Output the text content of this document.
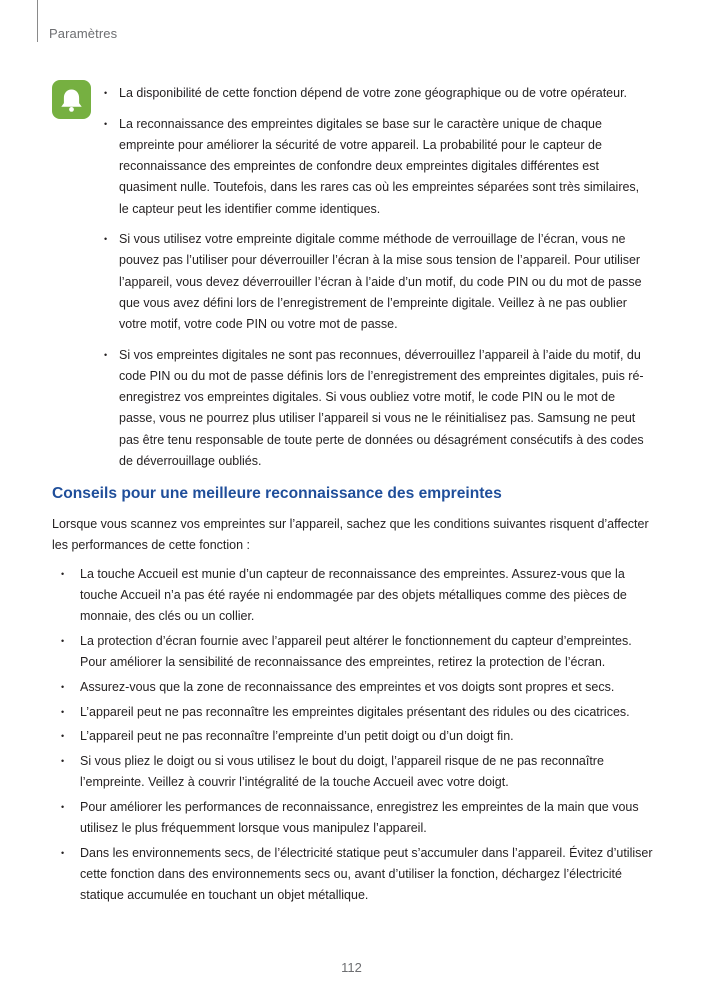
Paramètres
• La disponibilité de cette fonction dépend de votre zone géographique ou de votre opérateur.
• La reconnaissance des empreintes digitales se base sur le caractère unique de chaque empreinte pour améliorer la sécurité de votre appareil. La probabilité pour le capteur de reconnaissance des empreintes de confondre deux empreintes digitales différentes est quasiment nulle. Toutefois, dans les rares cas où les empreintes séparées sont très similaires, le capteur peut les identifier comme identiques.
• Si vous utilisez votre empreinte digitale comme méthode de verrouillage de l’écran, vous ne pouvez pas l’utiliser pour déverrouiller l’écran à la mise sous tension de l’appareil. Pour utiliser l’appareil, vous devez déverrouiller l’écran à l’aide d’un motif, du code PIN ou du mot de passe que vous avez défini lors de l’enregistrement de l’empreinte digitale. Veillez à ne pas oublier votre motif, votre code PIN ou votre mot de passe.
• Si vos empreintes digitales ne sont pas reconnues, déverrouillez l’appareil à l’aide du motif, du code PIN ou du mot de passe définis lors de l’enregistrement des empreintes digitales, puis ré-enregistrez vos empreintes digitales. Si vous oubliez votre motif, le code PIN ou le mot de passe, vous ne pourrez plus utiliser l’appareil si vous ne le réinitialisez pas. Samsung ne peut pas être tenu responsable de toute perte de données ou désagrément consécutifs à des codes de déverrouillage oubliés.
Conseils pour une meilleure reconnaissance des empreintes

Lorsque vous scannez vos empreintes sur l’appareil, sachez que les conditions suivantes risquent d’affecter les performances de cette fonction :

• La touche Accueil est munie d’un capteur de reconnaissance des empreintes. Assurez-vous que la touche Accueil n’a pas été rayée ni endommagée par des objets métalliques comme des pièces de monnaie, des clés ou un collier.
• La protection d’écran fournie avec l’appareil peut altérer le fonctionnement du capteur d’empreintes. Pour améliorer la sensibilité de reconnaissance des empreintes, retirez la protection de l’écran.
• Assurez-vous que la zone de reconnaissance des empreintes et vos doigts sont propres et secs.
• L’appareil peut ne pas reconnaître les empreintes digitales présentant des ridules ou des cicatrices.
• L’appareil peut ne pas reconnaître l’empreinte d’un petit doigt ou d’un doigt fin.
• Si vous pliez le doigt ou si vous utilisez le bout du doigt, l’appareil risque de ne pas reconnaître l’empreinte. Veillez à couvrir l’intégralité de la touche Accueil avec votre doigt.
• Pour améliorer les performances de reconnaissance, enregistrez les empreintes de la main que vous utilisez le plus fréquemment lorsque vous manipulez l’appareil.
• Dans les environnements secs, de l’électricité statique peut s’accumuler dans l’appareil. Évitez d’utiliser cette fonction dans des environnements secs ou, avant d’utiliser la fonction, déchargez l’électricité statique accumulée en touchant un objet métallique.
112
